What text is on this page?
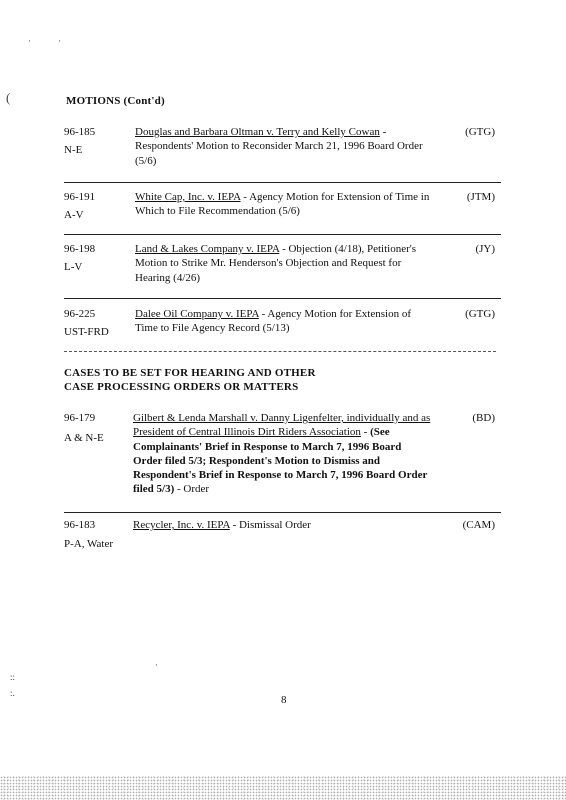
·	·
(
::
:.
·
MOTIONS (Cont'd)
96-185
N-E
Douglas and Barbara Oltman v. Terry and Kelly Cowan - Respondents' Motion to Reconsider March 21, 1996 Board Order (5/6)
(GTG)
96-191
A-V
White Cap, Inc. v. IEPA - Agency Motion for Extension of Time in Which to File Recommendation (5/6)
(JTM)
96-198
L-V
Land & Lakes Company v. IEPA - Objection (4/18), Petitioner's Motion to Strike Mr. Henderson's Objection and Request for Hearing (4/26)
(JY)
96-225
UST-FRD
Dalee Oil Company v. IEPA - Agency Motion for Extension of Time to File Agency Record (5/13)
(GTG)
CASES TO BE SET FOR HEARING AND OTHER
CASE PROCESSING ORDERS OR MATTERS
96-179
A & N-E
Gilbert & Lenda Marshall v. Danny Ligenfelter, individually and as President of Central Illinois Dirt Riders Association - (See Complainants' Brief in Response to March 7, 1996 Board Order filed 5/3; Respondent's Motion to Dismiss and Respondent's Brief in Response to March 7, 1996 Board Order filed 5/3) - Order
(BD)
96-183
P-A, Water
Recycler, Inc. v. IEPA - Dismissal Order	(CAM)
8
